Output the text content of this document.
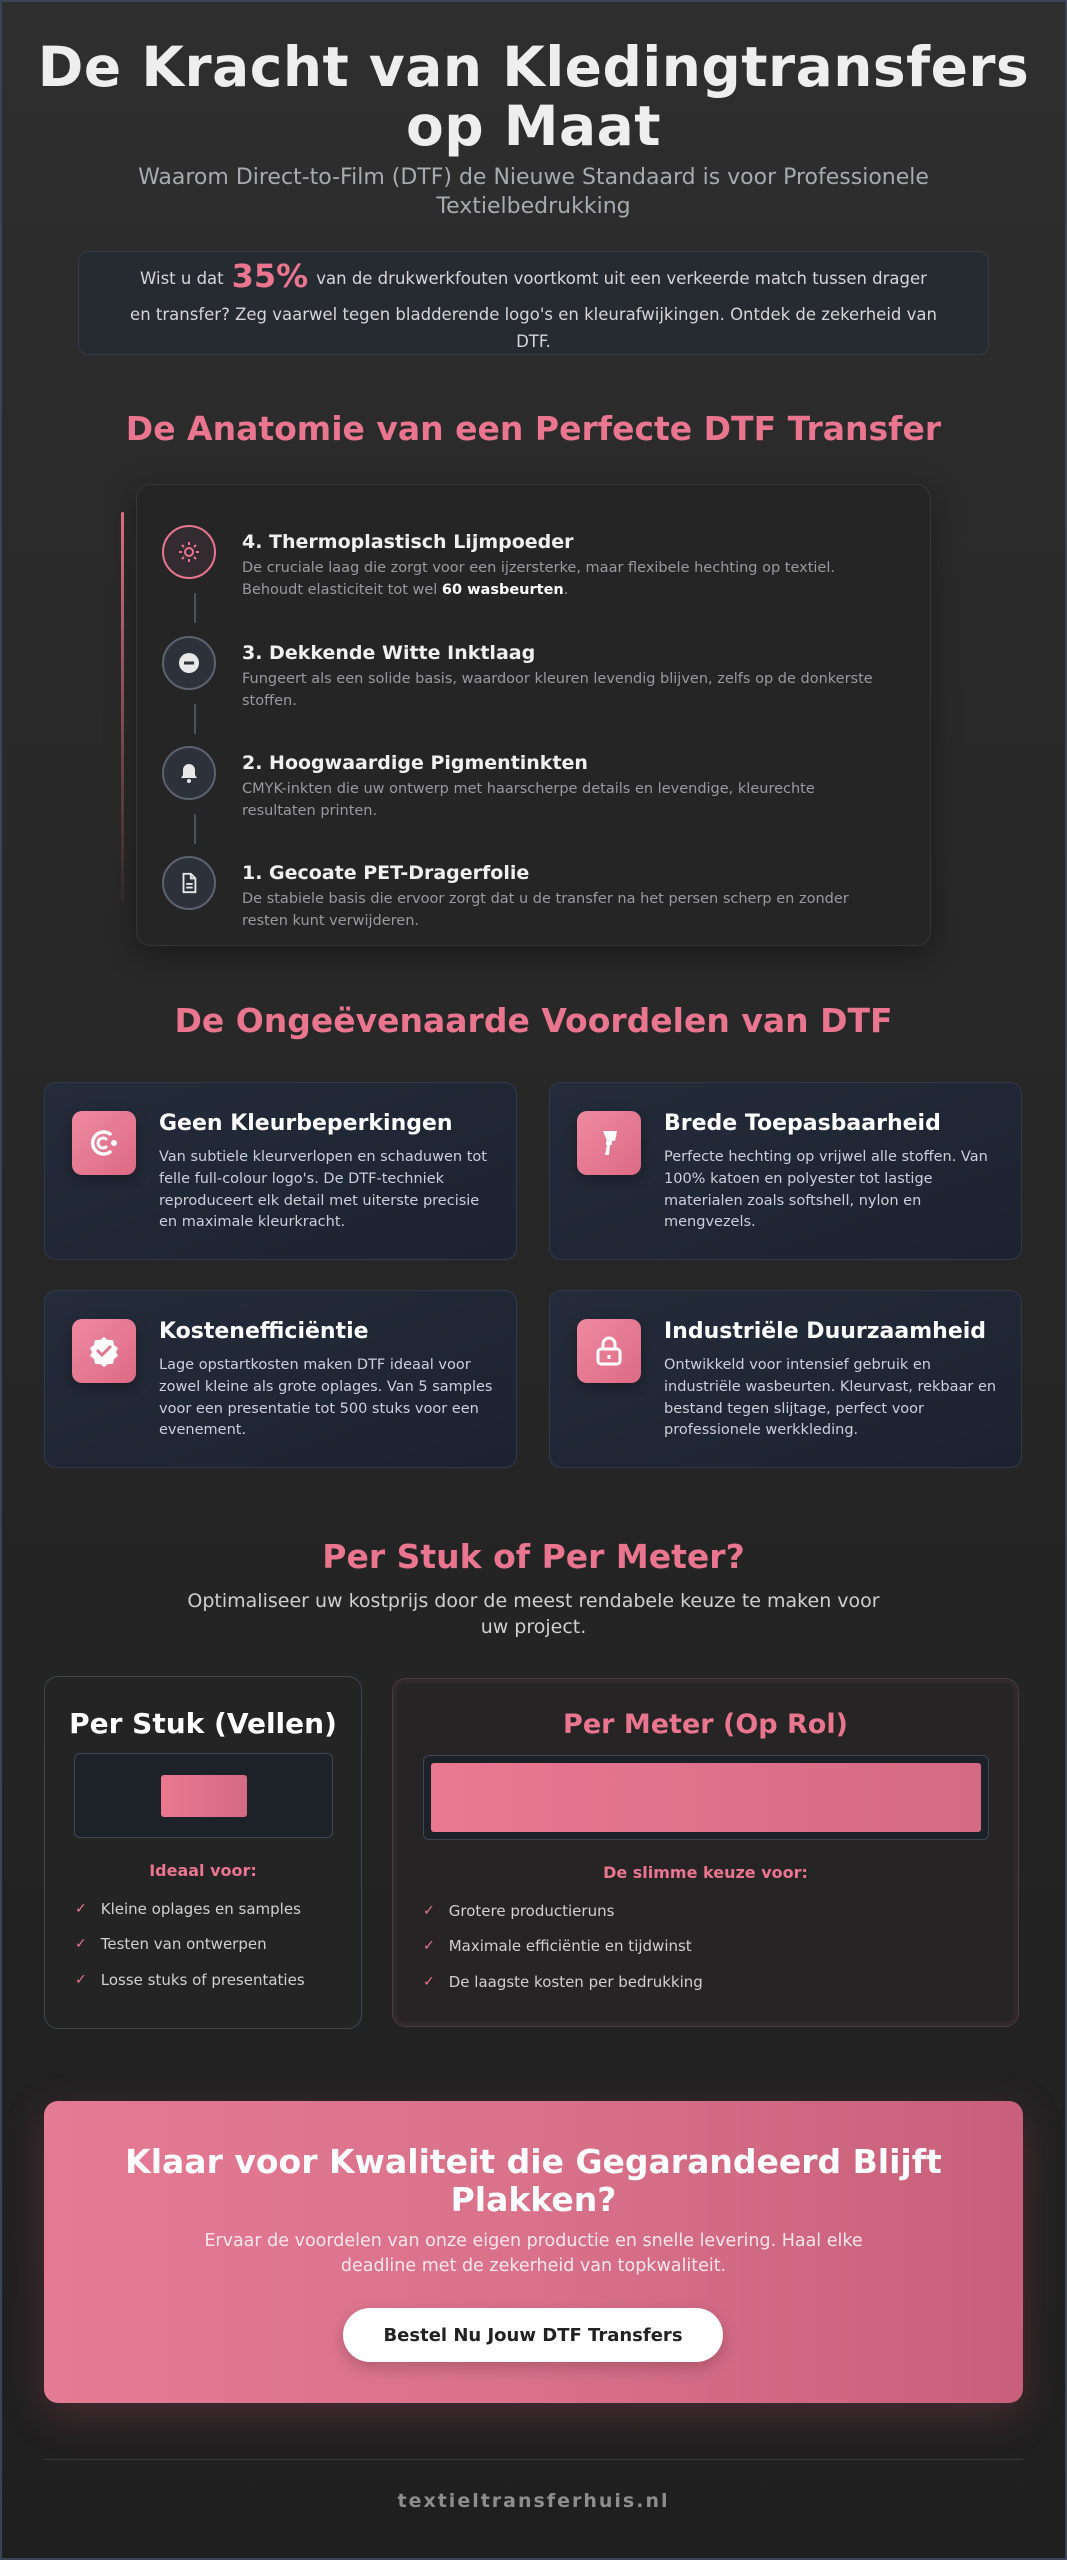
De Kracht van Kledingtransfers op Maat

Waarom Direct-to-Film (DTF) de Nieuwe Standaard is voor Professionele Textielbedrukking

Wist u dat 35% van de drukwerkfouten voortkomt uit een verkeerde match tussen drager en transfer? Zeg vaarwel tegen bladderende logo's en kleurafwijkingen. Ontdek de zekerheid van DTF.

De Anatomie van een Perfecte DTF Transfer
4. Thermoplastisch Lijmpoeder
De cruciale laag die zorgt voor een ijzersterke, maar flexibele hechting op textiel. Behoudt elasticiteit tot wel 60 wasbeurten.
3. Dekkende Witte Inktlaag
Fungeert als een solide basis, waardoor kleuren levendig blijven, zelfs op de donkerste stoffen.
2. Hoogwaardige Pigmentinkten
CMYK-inkten die uw ontwerp met haarscherpe details en levendige, kleurechte resultaten printen.
1. Gecoate PET-Dragerfolie
De stabiele basis die ervoor zorgt dat u de transfer na het persen scherp en zonder resten kunt verwijderen.
De Ongeëvenaarde Voordelen van DTF
Geen Kleurbeperkingen
Van subtiele kleurverlopen en schaduwen tot felle full-colour logo's. De DTF-techniek reproduceert elk detail met uiterste precisie en maximale kleurkracht.
Brede Toepasbaarheid
Perfecte hechting op vrijwel alle stoffen. Van 100% katoen en polyester tot lastige materialen zoals softshell, nylon en mengvezels.
Kostenefficiëntie
Lage opstartkosten maken DTF ideaal voor zowel kleine als grote oplages. Van 5 samples voor een presentatie tot 500 stuks voor een evenement.
Industriële Duurzaamheid
Ontwikkeld voor intensief gebruik en industriële wasbeurten. Kleurvast, rekbaar en bestand tegen slijtage, perfect voor professionele werkkleding.
Per Stuk of Per Meter?

Optimaliseer uw kostprijs door de meest rendabele keuze te maken voor uw project.

Per Stuk (Vellen)
Ideaal voor:
✓ Kleine oplages en samples
✓ Testen van ontwerpen
✓ Losse stuks of presentaties
Per Meter (Op Rol)
De slimme keuze voor:
✓ Grotere productieruns
✓ Maximale efficiëntie en tijdwinst
✓ De laagste kosten per bedrukking
Klaar voor Kwaliteit die Gegarandeerd Blijft Plakken?

Ervaar de voordelen van onze eigen productie en snelle levering. Haal elke deadline met de zekerheid van topkwaliteit.

Bestel Nu Jouw DTF Transfers
textieltransferhuis.nl
